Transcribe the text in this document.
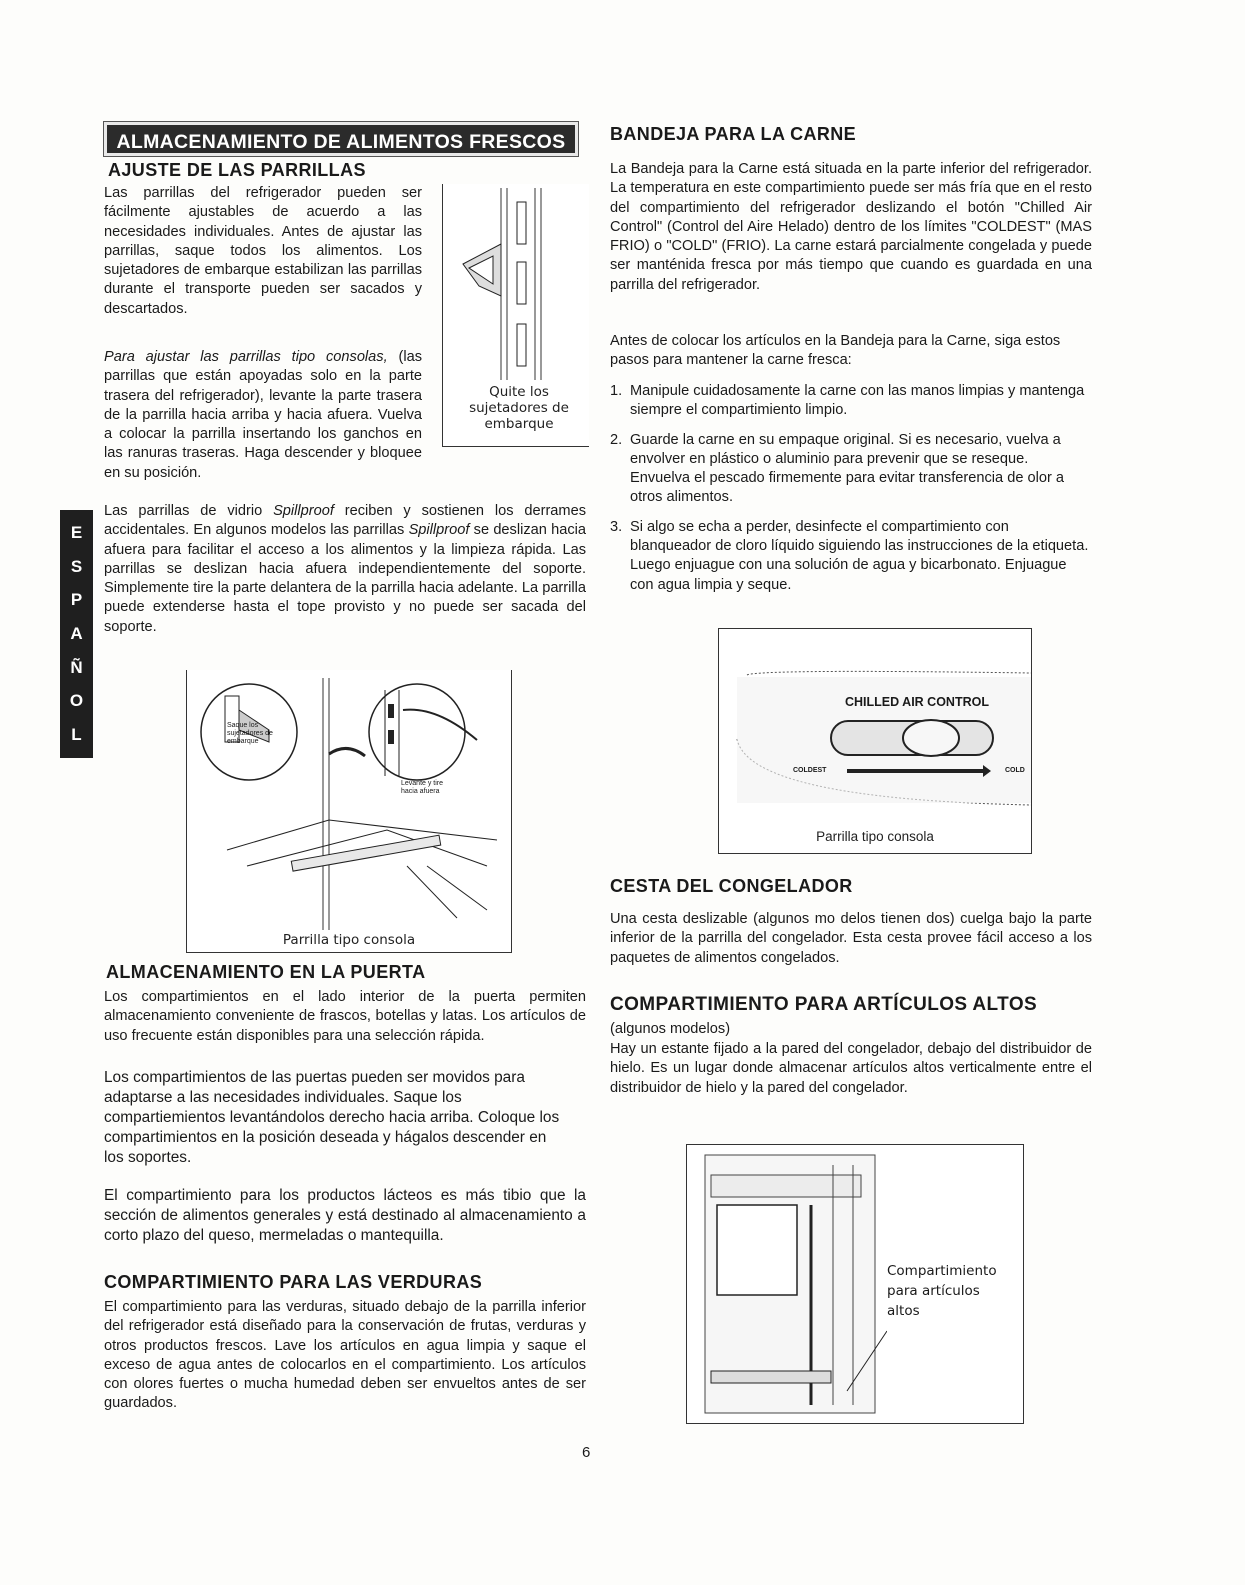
E
S
P
A
Ñ
O
L
ALMACENAMIENTO DE ALIMENTOS FRESCOS
AJUSTE DE LAS PARRILLAS

Las parrillas del refrigerador pueden ser fácilmente ajustables de acuerdo a las necesidades individuales. Antes de ajustar las parrillas, saque todos los alimentos. Los sujetadores de embarque estabilizan las parrillas durante el transporte pueden ser sacados y descartados.

Para ajustar las parrillas tipo consolas, (las parrillas que están apoyadas solo en la parte trasera del refrigerador), levante la parte trasera de la parrilla hacia arriba y hacia afuera. Vuelva a colocar la parrilla insertando los ganchos en las ranuras traseras. Haga descender y bloquee en su posición.

Quite los
sujetadores de
embarque

Las parrillas de vidrio Spillproof reciben y sostienen los derrames accidentales. En algunos modelos las parrillas Spillproof se deslizan hacia afuera para facilitar el acceso a los alimentos y la limpieza rápida. Las parrillas se deslizan hacia afuera independientemente del soporte. Simplemente tire la parte delantera de la parrilla hacia adelante. La parrilla puede extenderse hasta el tope provisto y no puede ser sacada del soporte.

Saque los
sujetadores de
embarque
Levante y tire
hacia afuera
Parrilla tipo consola
ALMACENAMIENTO EN LA PUERTA

Los compartimientos en el lado interior de la puerta permiten almacenamiento conveniente de frascos, botellas y latas. Los artículos de uso frecuente están disponibles para una selección rápida.

Los compartimientos de las puertas pueden ser movidos para adaptarse a las necesidades individuales. Saque los compartiemientos levantándolos derecho hacia arriba. Coloque los compartimientos en la posición deseada y hágalos descender en los soportes.

El compartimiento para los productos lácteos es más tibio que la sección de alimentos generales y está destinado al almacenamiento a corto plazo del queso, mermeladas o mantequilla.

COMPARTIMIENTO PARA LAS VERDURAS

El compartimiento para las verduras, situado debajo de la parrilla inferior del refrigerador está diseñado para la conservación de frutas, verduras y otros productos frescos. Lave los artículos en agua limpia y saque el exceso de agua antes de colocarlos en el compartimiento. Los artículos con olores fuertes o mucha humedad deben ser envueltos antes de ser guardados.

BANDEJA PARA LA CARNE

La Bandeja para la Carne está situada en la parte inferior del refrigerador. La temperatura en este compartimiento puede ser más fría que en el resto del compartimiento del refrigerador deslizando el botón "Chilled Air Control" (Control del Aire Helado) dentro de los límites "COLDEST" (MAS FRIO) o "COLD" (FRIO). La carne estará parcialmente congelada y puede ser manténida fresca por más tiempo que cuando es guardada en una parrilla del refrigerador.

Antes de colocar los artículos en la Bandeja para la Carne, siga estos pasos para mantener la carne fresca:

1. Manipule cuidadosamente la carne con las manos limpias y mantenga siempre el compartimiento limpio.
2. Guarde la carne en su empaque original. Si es necesario, vuelva a envolver en plástico o aluminio para prevenir que se reseque. Envuelva el pescado firmemente para evitar transferencia de olor a otros alimentos.
3. Si algo se echa a perder, desinfecte el compartimiento con blanqueador de cloro líquido siguiendo las instrucciones de la etiqueta. Luego enjuague con una solución de agua y bicarbonato. Enjuague con agua limpia y seque.
CHILLED AIR CONTROL
COLDEST	COLD
Parrilla tipo consola
CESTA DEL CONGELADOR

Una cesta deslizable (algunos mo delos tienen dos) cuelga bajo la parte inferior de la parrilla del congelador. Esta cesta provee fácil acceso a los paquetes de alimentos congelados.

COMPARTIMIENTO PARA ARTÍCULOS ALTOS

(algunos modelos)

Hay un estante fijado a la pared del congelador, debajo del distribuidor de hielo. Es un lugar donde almacenar artículos altos verticalmente entre el distribuidor de hielo y la pared del congelador.

Compartimiento
para artículos
altos
6
